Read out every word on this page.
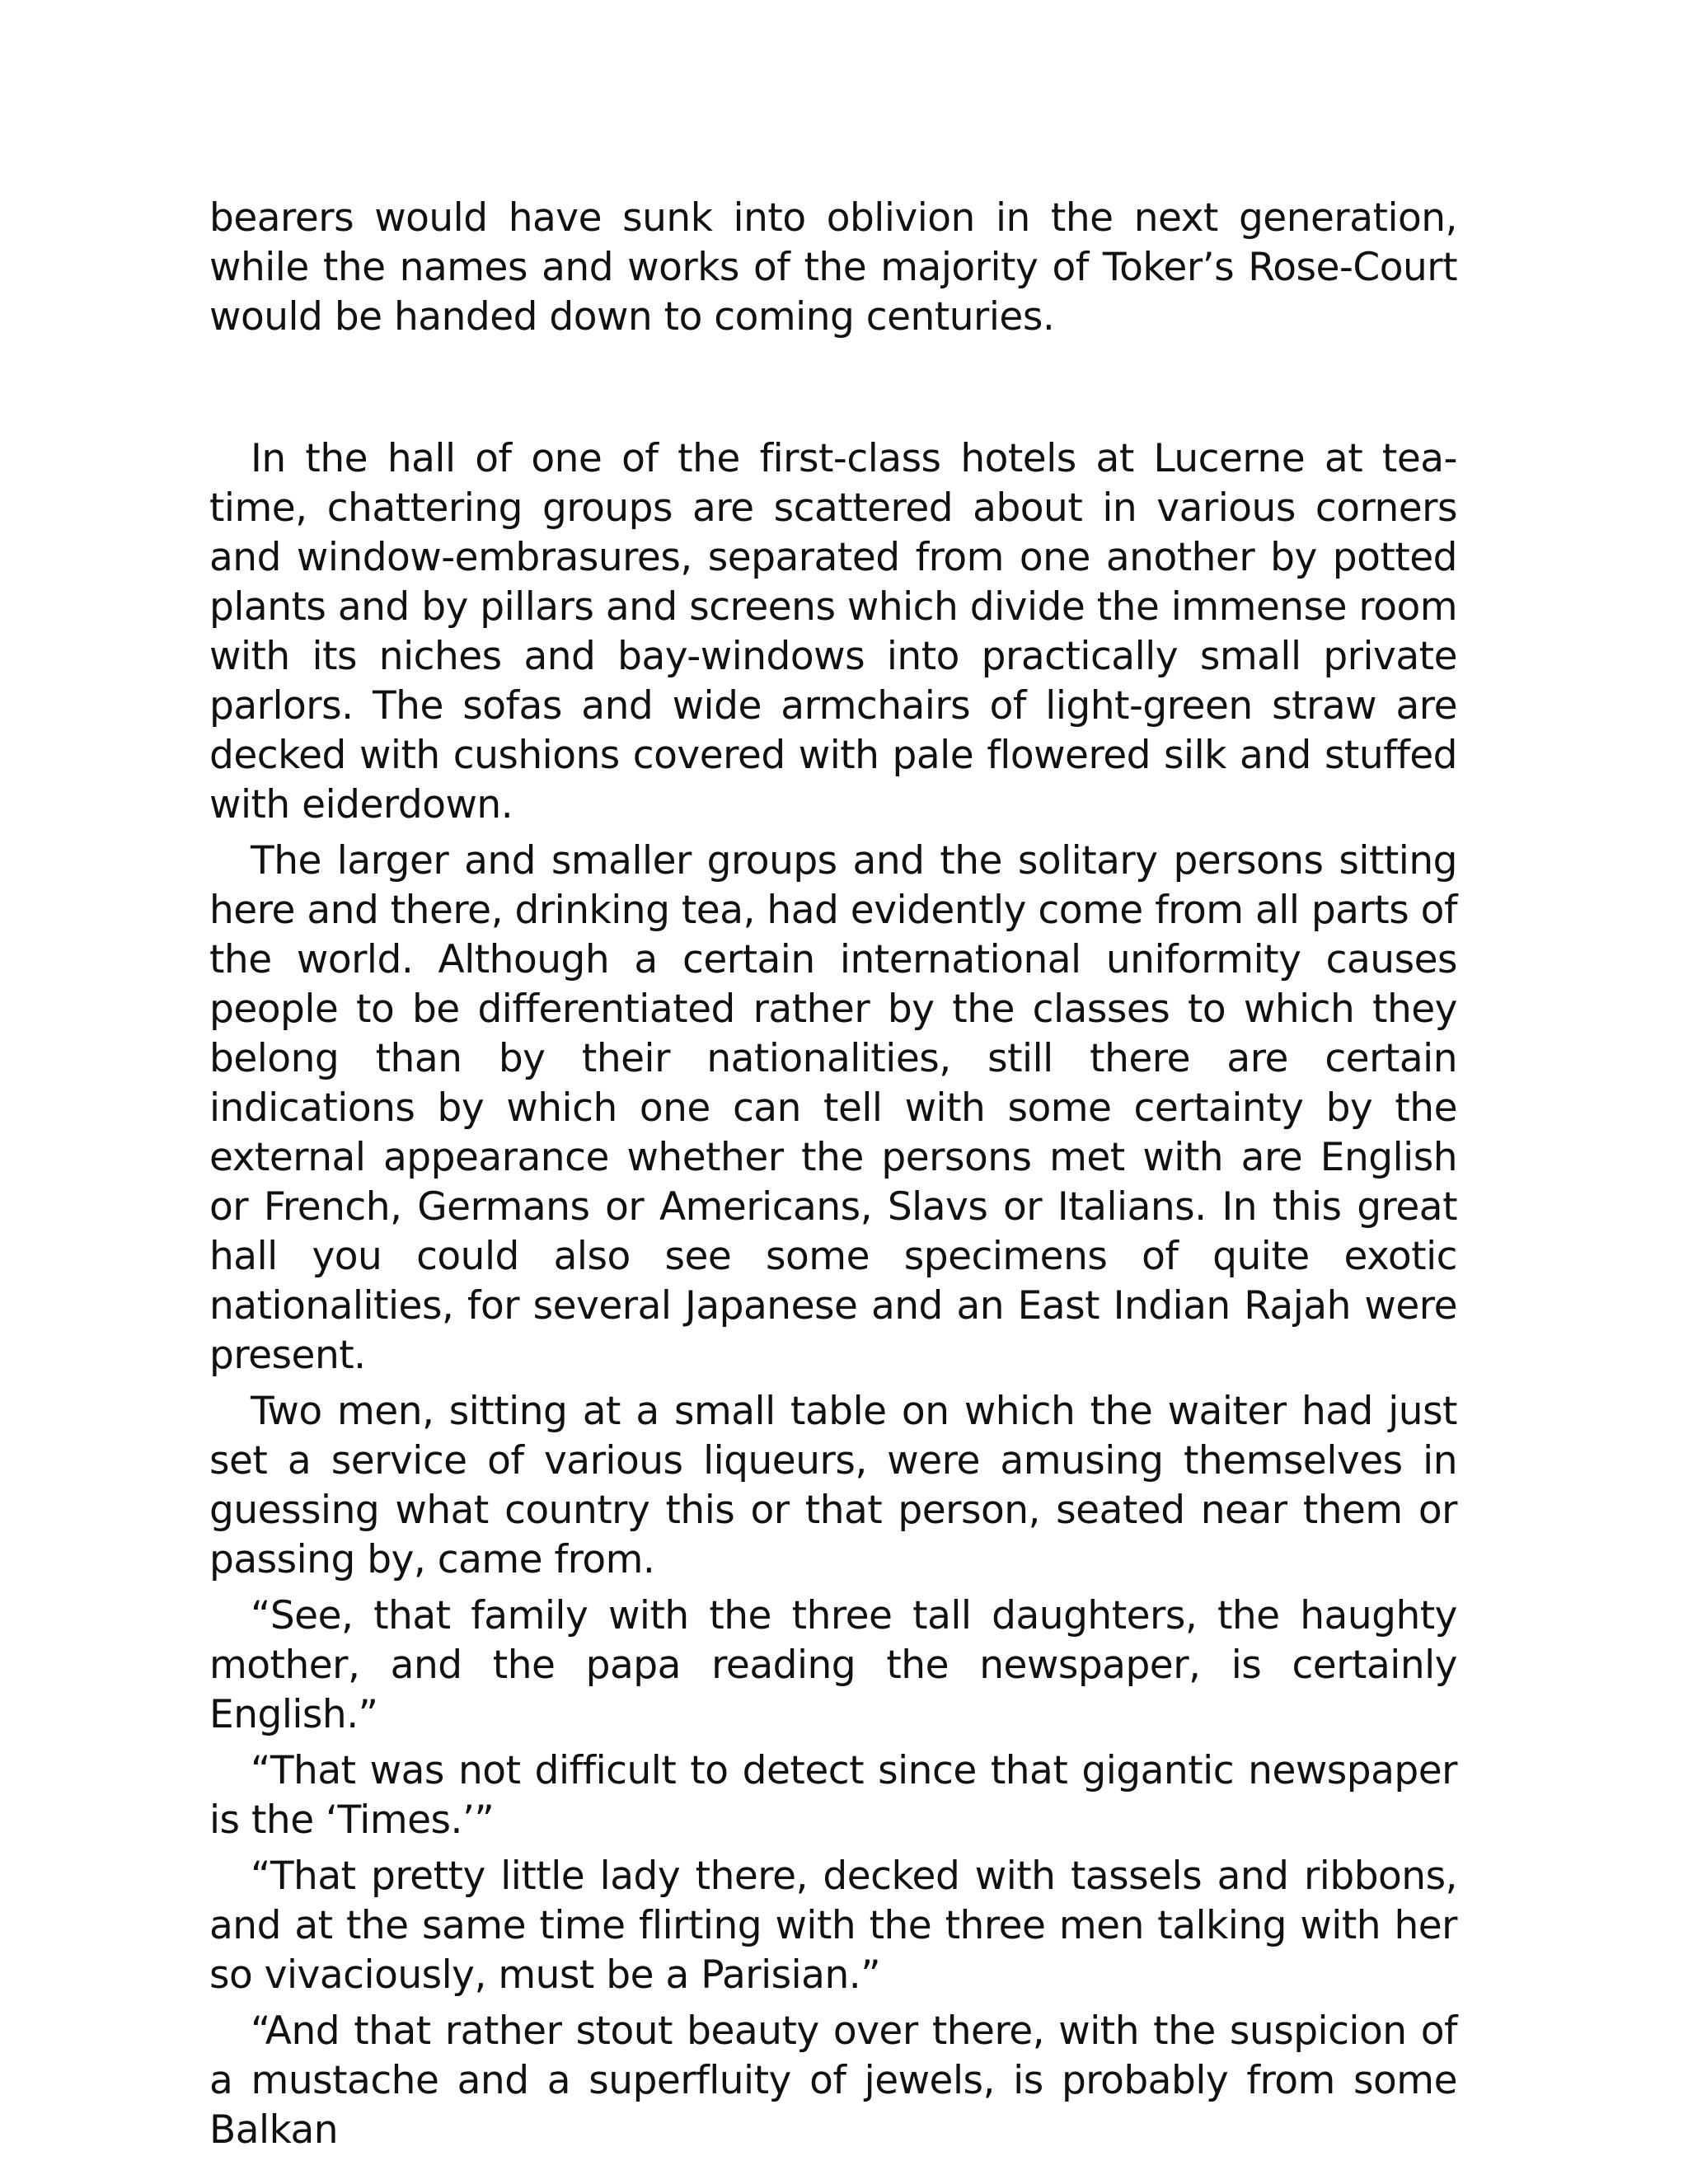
bearers would have sunk into oblivion in the next generation, while the names and works of the majority of Toker’s Rose-Court would be handed down to coming centuries.

In the hall of one of the first-class hotels at Lucerne at tea-time, chattering groups are scattered about in various corners and window-embrasures, separated from one another by potted plants and by pillars and screens which divide the immense room with its niches and bay-windows into practically small private parlors. The sofas and wide armchairs of light-green straw are decked with cushions covered with pale flowered silk and stuffed with eiderdown.

The larger and smaller groups and the solitary persons sitting here and there, drinking tea, had evidently come from all parts of the world. Although a certain international uniformity causes people to be differentiated rather by the classes to which they belong than by their nationalities, still there are certain indications by which one can tell with some certainty by the external appearance whether the persons met with are English or French, Germans or Americans, Slavs or Italians. In this great hall you could also see some specimens of quite exotic nationalities, for several Japanese and an East Indian Rajah were present.

Two men, sitting at a small table on which the waiter had just set a service of various liqueurs, were amusing themselves in guessing what country this or that person, seated near them or passing by, came from.

“See, that family with the three tall daughters, the haughty mother, and the papa reading the newspaper, is certainly English.”

“That was not difficult to detect since that gigantic newspaper is the ‘Times.’”

“That pretty little lady there, decked with tassels and ribbons, and at the same time flirting with the three men talking with her so vivaciously, must be a Parisian.”

“And that rather stout beauty over there, with the suspicion of a mustache and a superfluity of jewels, is probably from some Balkan
